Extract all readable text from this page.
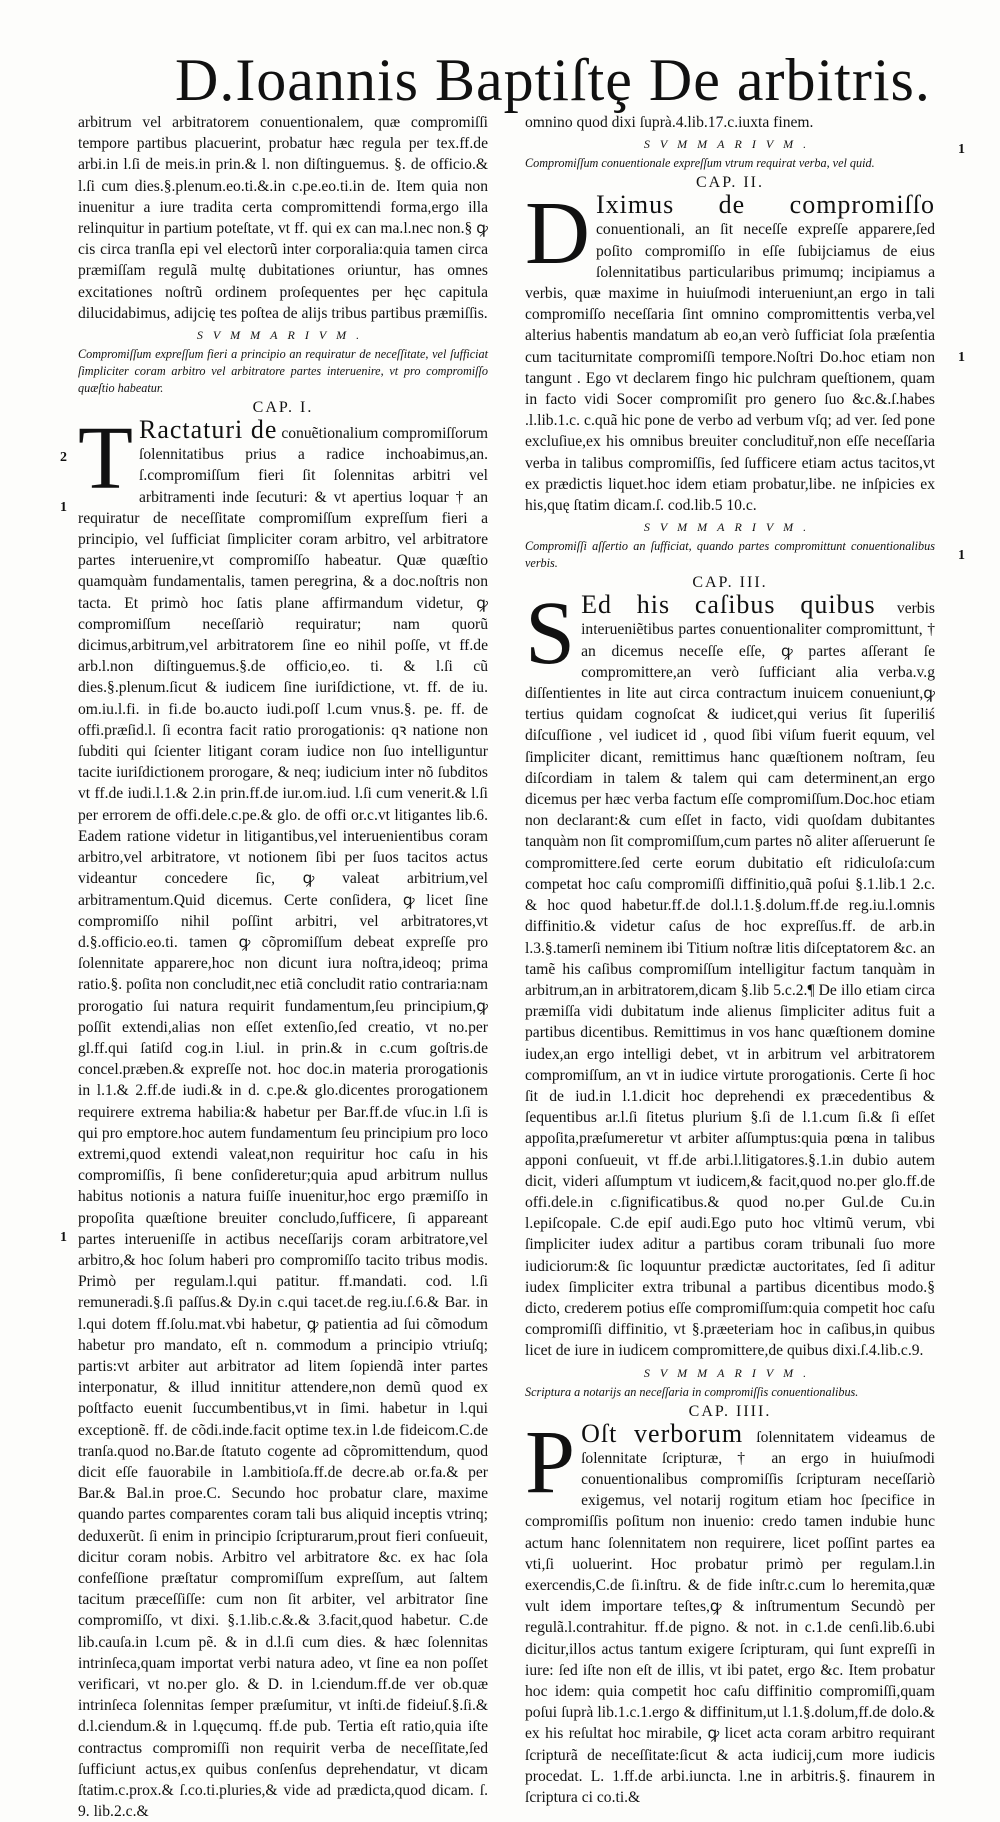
D.Ioannis Baptiſtȩ De arbitris.

arbitrum vel arbitratorem conuentionalem, quæ compromiſſi tempore partibus placuerint, probatur hæc regula per tex.ff.de arbi.in l.ſi de meis.in prin.& l. non diſtinguemus. §. de officio.& l.ſi cum dies.§.plenum.eo.ti.&.in c.pe.eo.ti.in de. Item quia non inuenitur a iure tradita certa compromittendi forma,ergo illa relinquitur in partium poteſtate, vt ff. qui ex can ma.l.nec non.§ ꝙ cis circa tranſla epi vel electorũ inter corporalia:quia tamen circa præmiſſam regulã multę dubitationes oriuntur, has omnes excitationes noſtrũ ordinem proſequentes per hęc capitula dilucidabimus, adijcię tes poſtea de alijs tribus partibus præmiſſis.

SVMMARIVM.

Compromiſſum expreſſum fieri a principio an requiratur de neceſſitate, vel ſufficiat ſimpliciter coram arbitro vel arbitratore partes interuenire, vt pro compromiſſo quæſtio habeatur.

CAP. I.

T Ractaturi de conuẽtionalium compromiſſorum ſolennitatibus prius a radice inchoabimus,an. ſ.compromiſſum fieri ſit ſolennitas arbitri vel arbitramenti inde ſecuturi: & vt apertius loquar † an requiratur de neceſſitate compromiſſum expreſſum fieri a principio, vel ſufficiat ſimpliciter coram arbitro, vel arbitratore partes interuenire,vt compromiſſo habeatur. Quæ quæſtio quamquàm fundamentalis, tamen peregrina, & a doc.noſtris non tacta. Et primò hoc ſatis plane affirmandum videtur, ꝙ compromiſſum neceſſariò requiratur; nam quorũ dicimus,arbitrum,vel arbitratorem ſine eo nihil poſſe, vt ff.de arb.l.non diſtinguemus.§.de officio,eo. ti. & l.ſi cũ dies.§.plenum.ſicut & iudicem ſine iuriſdictione, vt. ff. de iu. om.iu.l.fi. in fi.de bo.aucto iudi.poſſ l.cum vnus.§. pe. ff. de offi.præſid.l. ſi econtra facit ratio prorogationis: qꝛ natione non ſubditi qui ſcienter litigant coram iudice non ſuo intelliguntur tacite iuriſdictionem prorogare, & neq; iudicium inter nõ ſubditos vt ff.de iudi.l.1.& 2.in prin.ff.de iur.om.iud. l.ſi cum venerit.& l.ſi per errorem de offi.dele.c.pe.& glo. de offi or.c.vt litigantes lib.6. Eadem ratione videtur in litigantibus,vel interuenientibus coram arbitro,vel arbitratore, vt notionem ſibi per ſuos tacitos actus videantur concedere ſic, ꝙ valeat arbitrium,vel arbitramentum.Quid dicemus. Certe conſidera, ꝙ licet ſine compromiſſo nihil poſſint arbitri, vel arbitratores,vt d.§.officio.eo.ti. tamen ꝙ cõpromiſſum debeat expreſſe pro ſolennitate apparere,hoc non dicunt iura noſtra,ideoq; prima ratio.§. poſita non concludit,nec etiã concludit ratio contraria:nam prorogatio ſui natura requirit fundamentum,ſeu principium,ꝙ poſſit extendi,alias non eſſet extenſio,ſed creatio, vt no.per gl.ff.qui ſatiſd cog.in l.iul. in prin.& in c.cum goſtris.de concel.præben.& expreſſe not. hoc doc.in materia prorogationis in l.1.& 2.ff.de iudi.& in d. c.pe.& glo.dicentes prorogationem requirere extrema habilia:& habetur per Bar.ff.de vſuc.in l.ſi is qui pro emptore.hoc autem fundamentum ſeu principium pro loco extremi,quod extendi valeat,non requiritur hoc caſu in his compromiſſis, ſi bene conſideretur;quia apud arbitrum nullus habitus notionis a natura fuiſſe inuenitur,hoc ergo præmiſſo in propoſita quæſtione breuiter concludo,ſufficere, ſi appareant partes interueniſſe in actibus neceſſarijs coram arbitratore,vel arbitro,& hoc ſolum haberi pro compromiſſo tacito tribus modis. Primò per regulam.l.qui patitur. ff.mandati. cod. l.ſi remuneradi.§.ſi paſſus.& Dy.in c.qui tacet.de reg.iu.ſ.6.& Bar. in l.qui dotem ff.ſolu.mat.vbi habetur, ꝙ patientia ad ſui cõmodum habetur pro mandato, eſt n. commodum a principio vtriuſq; partis:vt arbiter aut arbitrator ad litem ſopiendã inter partes interponatur, & illud innititur attendere,non demũ quod ex poſtfacto euenit ſuccumbentibus,vt in ſimi. habetur in l.qui exceptionẽ. ff. de cõdi.inde.facit optime tex.in l.de fideicom.C.de tranſa.quod no.Bar.de ſtatuto cogente ad cõpromittendum, quod dicit eſſe fauorabile in l.ambitioſa.ff.de decre.ab or.fa.& per Bar.& Bal.in proe.C. Secundo hoc probatur clare, maxime quando partes comparentes coram tali bus aliquid inceptis vtrinq; deduxerũt. ſi enim in principio ſcripturarum,prout fieri conſueuit, dicitur coram nobis. Arbitro vel arbitratore &c. ex hac ſola confeſſione præſtatur compromiſſum expreſſum, aut ſaltem tacitum præceſſiſſe: cum non ſit arbiter, vel arbitrator ſine compromiſſo, vt dixi. §.1.lib.c.&.& 3.facit,quod habetur. C.de lib.cauſa.in l.cum pẽ. & in d.l.ſi cum dies. & hæc ſolennitas intrinſeca,quam importat verbi natura adeo, vt ſine ea non poſſet verificari, vt no.per glo. & D. in l.ciendum.ff.de ver ob.quæ intrinſeca ſolennitas ſemper præſumitur, vt inſti.de fideiuſ.§.ſi.& d.l.ciendum.& in l.quęcumq. ff.de pub. Tertia eſt ratio,quia iſte contractus compromiſſi non requirit verba de neceſſitate,ſed ſufficiunt actus,ex quibus conſenſus deprehendatur, vt dicam ſtatim.c.prox.& ſ.co.ti.pluries,& vide ad prædicta,quod dicam. ſ. 9. lib.2.c.&

omnino quod dixi ſuprà.4.lib.17.c.iuxta finem.

SVMMARIVM.

Compromiſſum conuentionale expreſſum vtrum requirat verba, vel quid.

CAP. II.

D Iximus de compromiſſo conuentionali, an ſit neceſſe expreſſe apparere,ſed poſito compromiſſo in eſſe ſubijciamus de eius ſolennitatibus particularibus primumq; incipiamus a verbis, quæ maxime in huiuſmodi interueniunt,an ergo in tali compromiſſo neceſſaria ſint omnino compromittentis verba,vel alterius habentis mandatum ab eo,an verò ſufficiat ſola præſentia cum taciturnitate compromiſſi tempore.Noſtri Do.hoc etiam non tangunt . Ego vt declarem fingo hic pulchram queſtionem, quam in facto vidi Socer compromiſit pro genero ſuo &c.&.ſ.habes .l.lib.1.c. c.quã hic pone de verbo ad verbum vſq; ad ver. ſed pone excluſiue,ex his omnibus breuiter concludituř,non eſſe neceſſaria verba in talibus compromiſſis, ſed ſufficere etiam actus tacitos,vt ex prædictis liquet.hoc idem etiam probatur,libe. ne inſpicies ex his,quę ſtatim dicam.ſ. cod.lib.5 10.c.

SVMMARIVM.

Compromiſſi aſſertio an ſufficiat, quando partes compromittunt conuentionalibus verbis.

CAP. III.

S Ed his caſibus quibus verbis interueniẽtibus partes conuentionaliter compromittunt, † an dicemus neceſſe eſſe, ꝙ partes aſſerant ſe compromittere,an verò ſufficiant alia verba.v.g diſſentientes in lite aut circa contractum inuicem conueniunt,ꝙ tertius quidam cognoſcat & iudicet,qui verius ſit ſuperiliś diſcuſſione , vel iudicet id , quod ſibi viſum fuerit equum, vel ſimpliciter dicant, remittimus hanc quæſtionem noſtram, ſeu diſcordiam in talem & talem qui cam determinent,an ergo dicemus per hæc verba factum eſſe compromiſſum.Doc.hoc etiam non declarant:& cum eſſet in facto, vidi quoſdam dubitantes tanquàm non ſit compromiſſum,cum partes nõ aliter aſſeruerunt ſe compromittere.ſed certe eorum dubitatio eſt ridiculoſa:cum competat hoc caſu compromiſſi diffinitio,quã poſui §.1.lib.1 2.c. & hoc quod habetur.ff.de dol.l.1.§.dolum.ff.de reg.iu.l.omnis diffinitio.& videtur caſus de hoc expreſſus.ff. de arb.in l.3.§.tamerſi neminem ibi Titium noſtræ litis diſceptatorem &c. an tamẽ his caſibus compromiſſum intelligitur factum tanquàm in arbitrum,an in arbitratorem,dicam §.lib 5.c.2.¶ De illo etiam circa præmiſſa vidi dubitatum inde alienus ſimpliciter aditus fuit a partibus dicentibus. Remittimus in vos hanc quæſtionem domine iudex,an ergo intelligi debet, vt in arbitrum vel arbitratorem compromiſſum, an vt in iudice virtute prorogationis. Certe ſi hoc ſit de iud.in l.1.dicit hoc deprehendi ex præcedentibus & ſequentibus ar.l.ſi ſitetus plurium §.ſi de l.1.cum ſi.& ſi eſſet appoſita,præſumeretur vt arbiter aſſumptus:quia pœna in talibus apponi conſueuit, vt ff.de arbi.l.litigatores.§.1.in dubio autem dicit, videri aſſumptum vt iudicem,& facit,quod no.per glo.ff.de offi.dele.in c.ſignificatibus.& quod no.per Gul.de Cu.in l.epiſcopale. C.de epiſ audi.Ego puto hoc vltimũ verum, vbi ſimpliciter iudex aditur a partibus coram tribunali ſuo more iudiciorum:& ſic loquuntur prædictæ auctoritates, ſed ſi aditur iudex ſimpliciter extra tribunal a partibus dicentibus modo.§ dicto, crederem potius eſſe compromiſſum:quia competit hoc caſu compromiſſi diffinitio, vt §.præeteriam hoc in caſibus,in quibus licet de iure in iudicem compromittere,de quibus dixi.ſ.4.lib.c.9.

SVMMARIVM.

Scriptura a notarijs an neceſſaria in compromiſſis conuentionalibus.

CAP. IIII.

P Oſt verborum ſolennitatem videamus de ſolennitate ſcripturæ, † an ergo in huiuſmodi conuentionalibus compromiſſis ſcripturam neceſſariò exigemus, vel notarij rogitum etiam hoc ſpecifice in compromiſſis poſitum non inuenio: credo tamen indubie hunc actum hanc ſolennitatem non requirere, licet poſſint partes ea vti,ſi uoluerint. Hoc probatur primò per regulam.l.in exercendis,C.de ſi.inſtru. & de fide inſtr.c.cum lo heremita,quæ vult idem importare teſtes,ꝙ & inſtrumentum Secundò per regulã.l.contrahitur. ff.de pigno. & not. in c.1.de cenſi.lib.6.ubi dicitur,illos actus tantum exigere ſcripturam, qui ſunt expreſſi in iure: ſed iſte non eſt de illis, vt ibi patet, ergo &c. Item probatur hoc idem: quia competit hoc caſu diffinitio compromiſſi,quam poſui ſuprà lib.1.c.1.ergo & diffinitum,ut l.1.§.dolum,ff.de dolo.& ex his reſultat hoc mirabile, ꝙ licet acta coram arbitro requirant ſcripturã de neceſſitate:ſicut & acta iudicij,cum more iudicis procedat. L. 1.ff.de arbi.iuncta. l.ne in arbitris.§. finaurem in ſcriptura ci co.ti.&

1
2
1
1
1
1
